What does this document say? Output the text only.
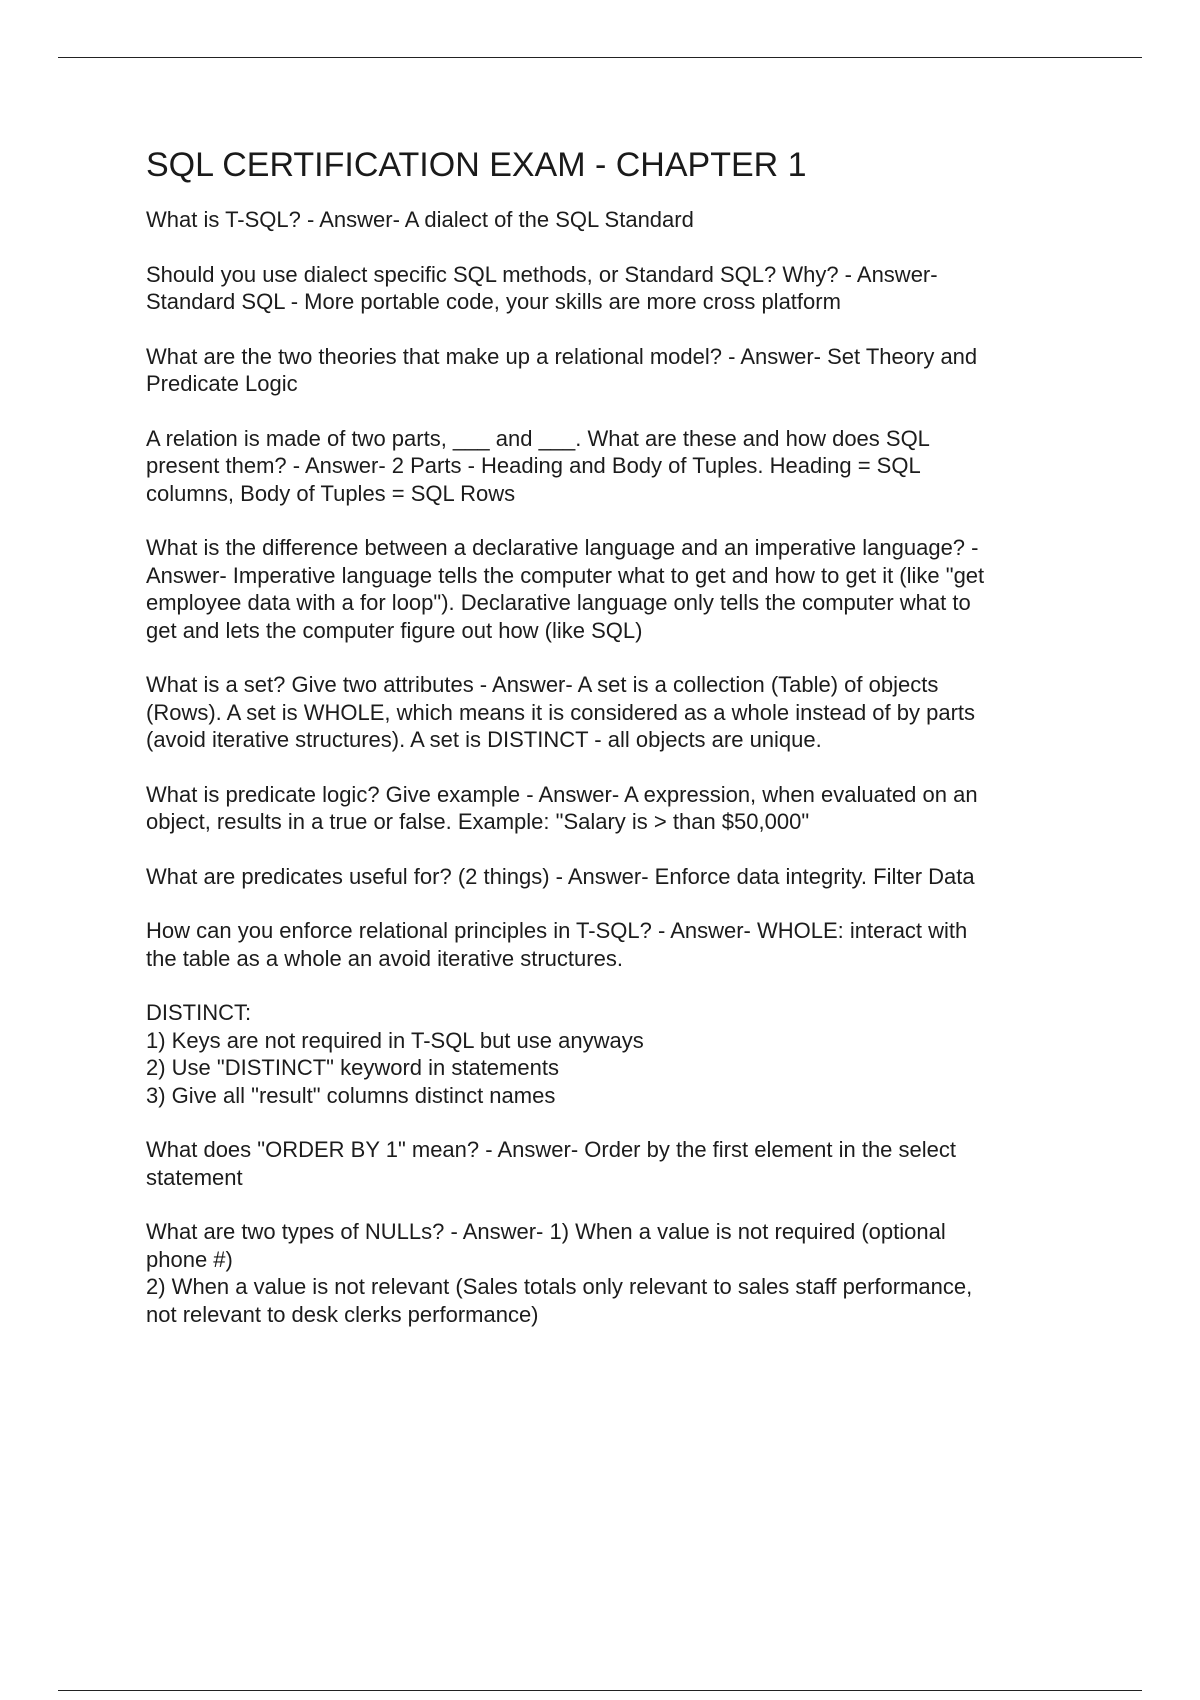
SQL CERTIFICATION EXAM - CHAPTER 1

What is T-SQL? - Answer- A dialect of the SQL Standard

Should you use dialect specific SQL methods, or Standard SQL? Why? - Answer-
Standard SQL - More portable code, your skills are more cross platform

What are the two theories that make up a relational model? - Answer- Set Theory and
Predicate Logic

A relation is made of two parts, ___ and ___. What are these and how does SQL
present them? - Answer- 2 Parts - Heading and Body of Tuples. Heading = SQL
columns, Body of Tuples = SQL Rows

What is the difference between a declarative language and an imperative language? -
Answer- Imperative language tells the computer what to get and how to get it (like "get
employee data with a for loop"). Declarative language only tells the computer what to
get and lets the computer figure out how (like SQL)

What is a set? Give two attributes - Answer- A set is a collection (Table) of objects
(Rows). A set is WHOLE, which means it is considered as a whole instead of by parts
(avoid iterative structures). A set is DISTINCT - all objects are unique.

What is predicate logic? Give example - Answer- A expression, when evaluated on an
object, results in a true or false. Example: "Salary is > than $50,000"

What are predicates useful for? (2 things) - Answer- Enforce data integrity. Filter Data

How can you enforce relational principles in T-SQL? - Answer- WHOLE: interact with
the table as a whole an avoid iterative structures.

DISTINCT:
1) Keys are not required in T-SQL but use anyways
2) Use "DISTINCT" keyword in statements
3) Give all "result" columns distinct names

What does "ORDER BY 1" mean? - Answer- Order by the first element in the select
statement

What are two types of NULLs? - Answer- 1) When a value is not required (optional
phone #)
2) When a value is not relevant (Sales totals only relevant to sales staff performance,
not relevant to desk clerks performance)
